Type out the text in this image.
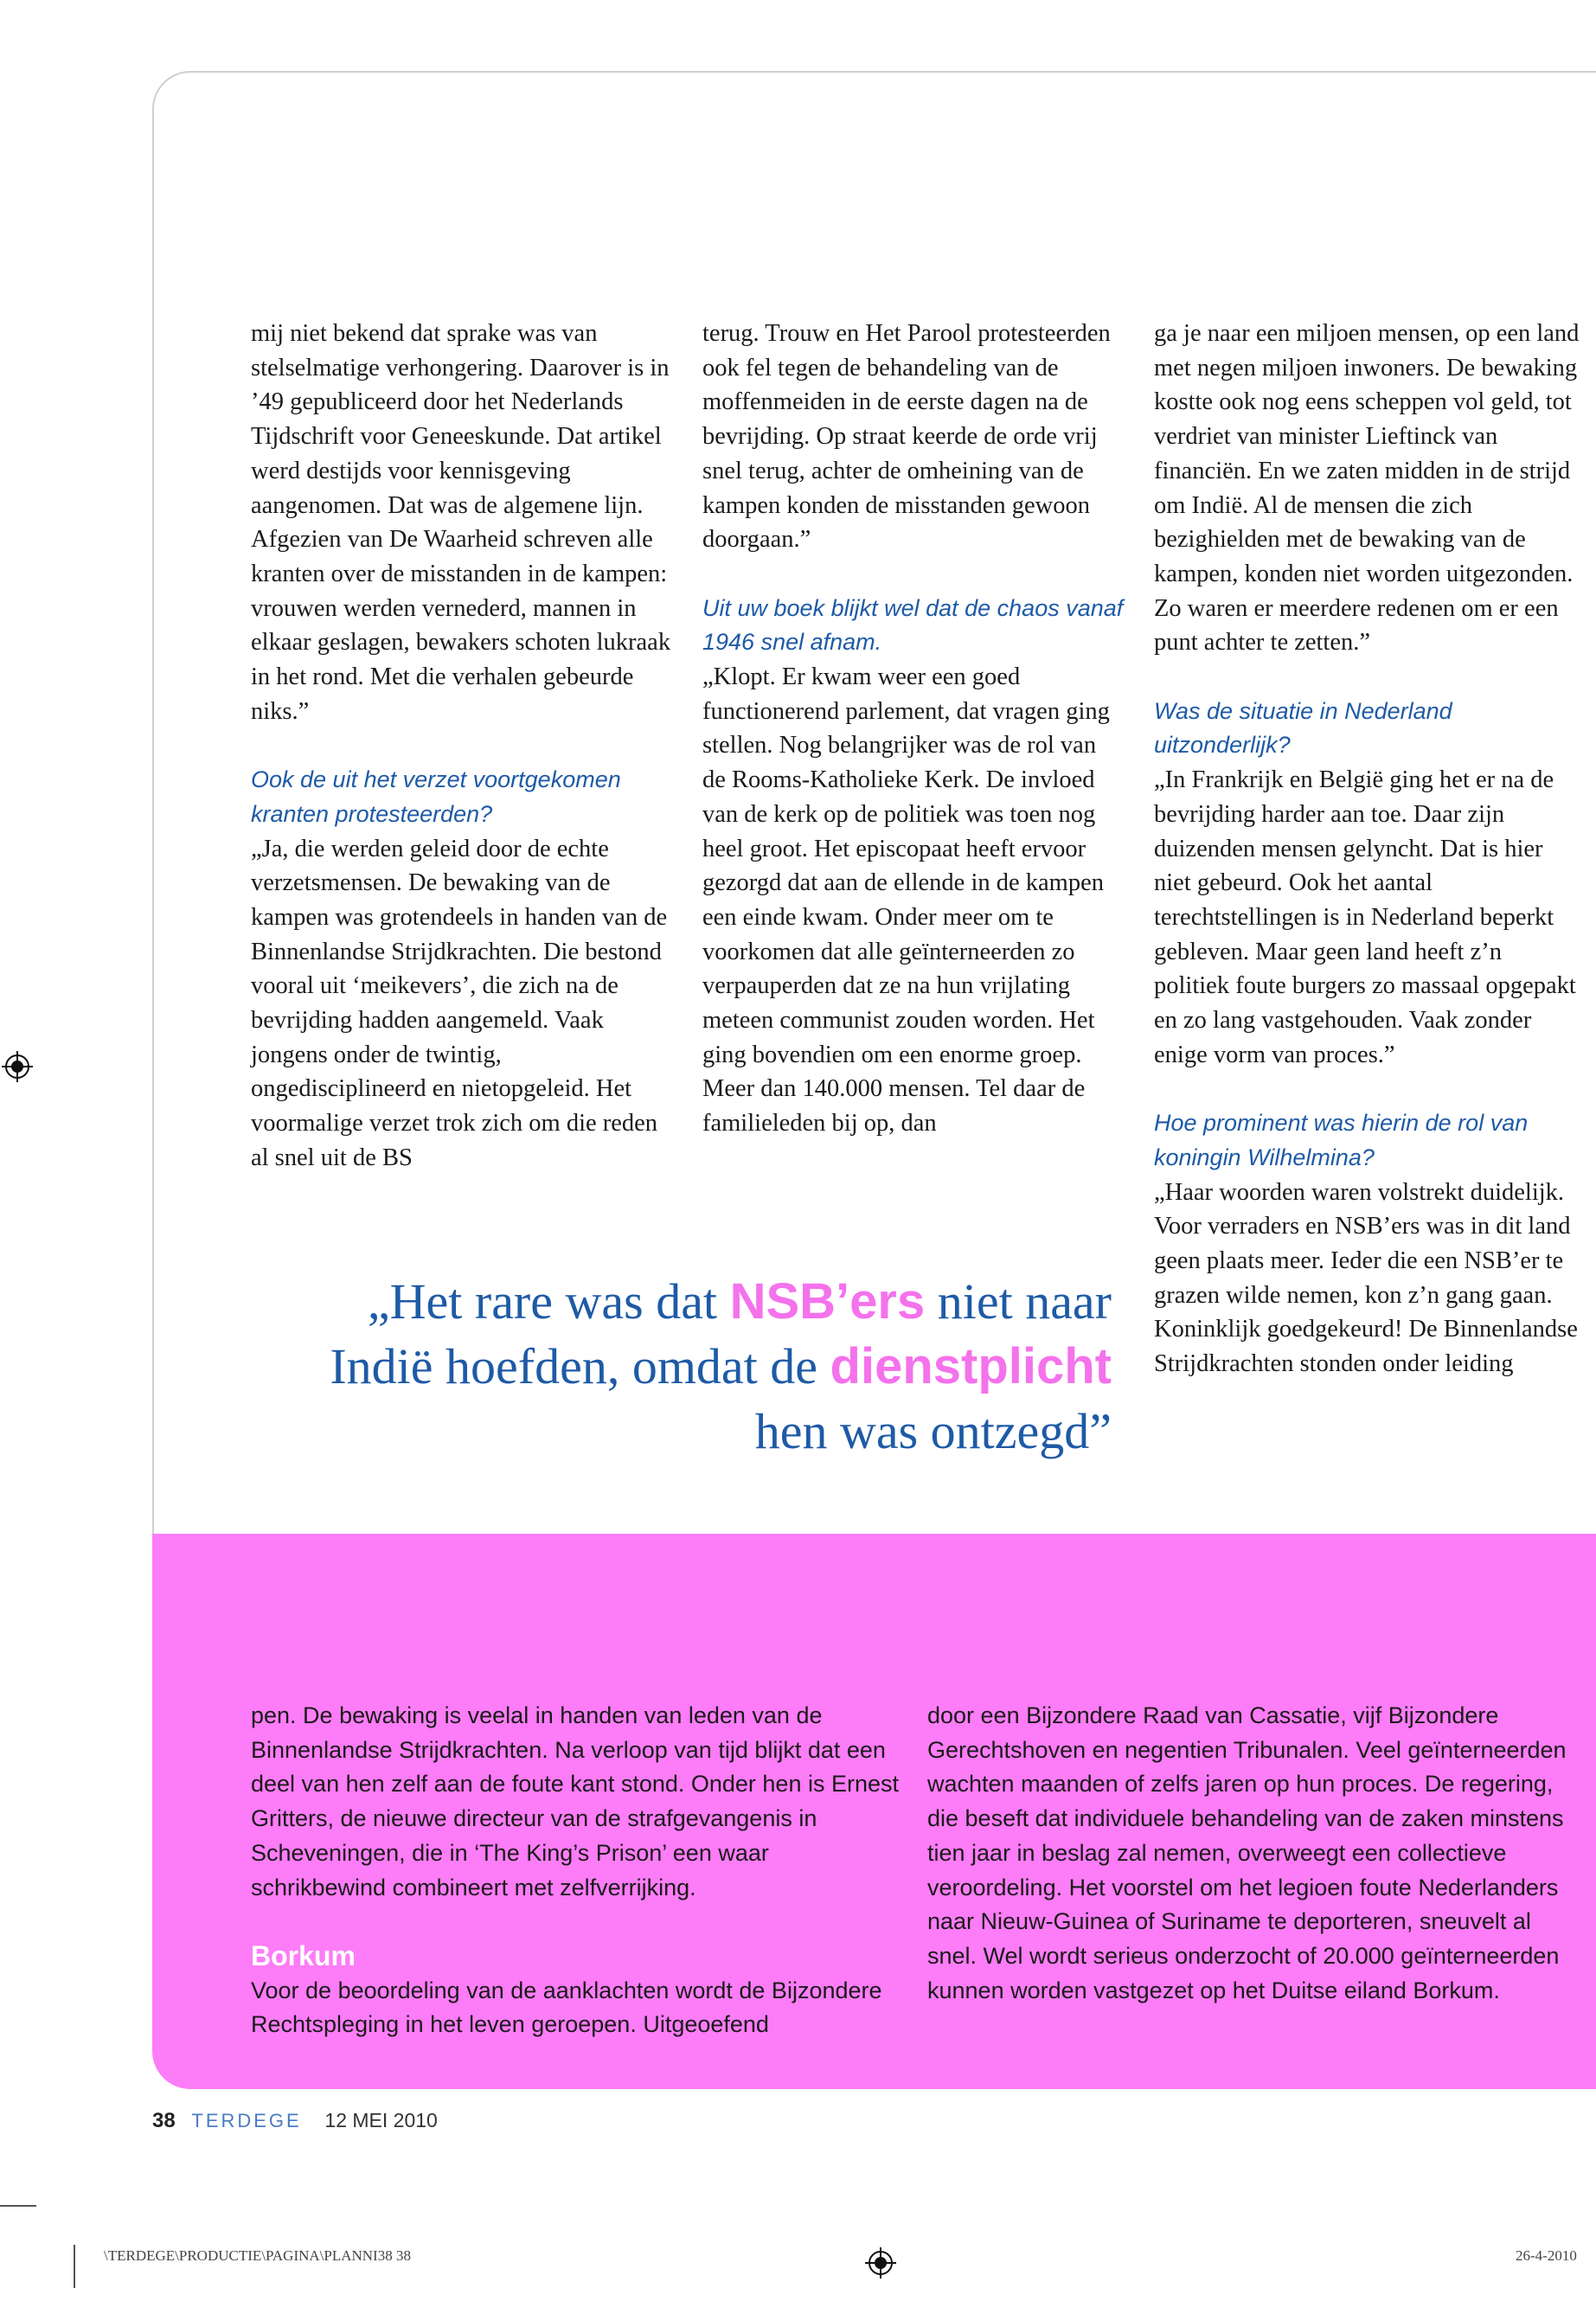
mij niet bekend dat sprake was van stelselmatige verhongering. Daarover is in ’49 gepubliceerd door het Nederlands Tijdschrift voor Geneeskunde. Dat artikel werd destijds voor kennisgeving aangenomen. Dat was de algemene lijn. Afgezien van De Waarheid schreven alle kranten over de misstanden in de kampen: vrouwen werden vernederd, mannen in elkaar geslagen, bewakers schoten lukraak in het rond. Met die verhalen gebeurde niks.”

Ook de uit het verzet voortgekomen kranten protesteerden?

„Ja, die werden geleid door de echte verzetsmensen. De bewaking van de kampen was grotendeels in handen van de Binnenlandse Strijdkrachten. Die bestond vooral uit ‘meikevers’, die zich na de bevrijding hadden aangemeld. Vaak jongens onder de twintig, ongedisciplineerd en nietopgeleid. Het voormalige verzet trok zich om die reden al snel uit de BS

terug. Trouw en Het Parool protesteerden ook fel tegen de behandeling van de moffenmeiden in de eerste dagen na de bevrijding. Op straat keerde de orde vrij snel terug, achter de omheining van de kampen konden de misstanden gewoon doorgaan.”

Uit uw boek blijkt wel dat de chaos vanaf 1946 snel afnam.

„Klopt. Er kwam weer een goed functionerend parlement, dat vragen ging stellen. Nog belangrijker was de rol van de Rooms-Katholieke Kerk. De invloed van de kerk op de politiek was toen nog heel groot. Het episcopaat heeft ervoor gezorgd dat aan de ellende in de kampen een einde kwam. Onder meer om te voorkomen dat alle geïnterneerden zo verpauperden dat ze na hun vrijlating meteen communist zouden worden. Het ging bovendien om een enorme groep. Meer dan 140.000 mensen. Tel daar de familieleden bij op, dan

ga je naar een miljoen mensen, op een land met negen miljoen inwoners. De bewaking kostte ook nog eens scheppen vol geld, tot verdriet van minister Lieftinck van financiën. En we zaten midden in de strijd om Indië. Al de mensen die zich bezighielden met de bewaking van de kampen, konden niet worden uitgezonden. Zo waren er meerdere redenen om er een punt achter te zetten.”

Was de situatie in Nederland uitzonderlijk?

„In Frankrijk en België ging het er na de bevrijding harder aan toe. Daar zijn duizenden mensen gelyncht. Dat is hier niet gebeurd. Ook het aantal terechtstellingen is in Nederland beperkt gebleven. Maar geen land heeft z’n politiek foute burgers zo massaal opgepakt en zo lang vastgehouden. Vaak zonder enige vorm van proces.”

Hoe prominent was hierin de rol van koningin Wilhelmina?

„Haar woorden waren volstrekt duidelijk. Voor verraders en NSB’ers was in dit land geen plaats meer. Ieder die een NSB’er te grazen wilde nemen, kon z’n gang gaan. Koninklijk goedgekeurd! De Binnenlandse Strijdkrachten stonden onder leiding

„Het rare was dat NSB’ers niet naar Indië hoefden, omdat de dienstplicht hen was ontzegd”

pen. De bewaking is veelal in handen van leden van de Binnenlandse Strijdkrachten. Na verloop van tijd blijkt dat een deel van hen zelf aan de foute kant stond. Onder hen is Ernest Gritters, de nieuwe directeur van de strafgevangenis in Scheveningen, die in ‘The King’s Prison’ een waar schrikbewind combineert met zelfverrijking.

Borkum

Voor de beoordeling van de aanklachten wordt de Bijzondere Rechtspleging in het leven geroepen. Uitgeoefend

door een Bijzondere Raad van Cassatie, vijf Bijzondere Gerechtshoven en negentien Tribunalen. Veel geïnterneerden wachten maanden of zelfs jaren op hun proces. De regering, die beseft dat individuele behandeling van de zaken minstens tien jaar in beslag zal nemen, overweegt een collectieve veroordeling. Het voorstel om het legioen foute Nederlanders naar Nieuw-Guinea of Suriname te deporteren, sneuvelt al snel. Wel wordt serieus onderzocht of 20.000 geïnterneerden kunnen worden vastgezet op het Duitse eiland Borkum.

38 TERDEGE 12 MEI 2010
\TERDEGE\PRODUCTIE\PAGINA\PLANNI38 38	26-4-2010
